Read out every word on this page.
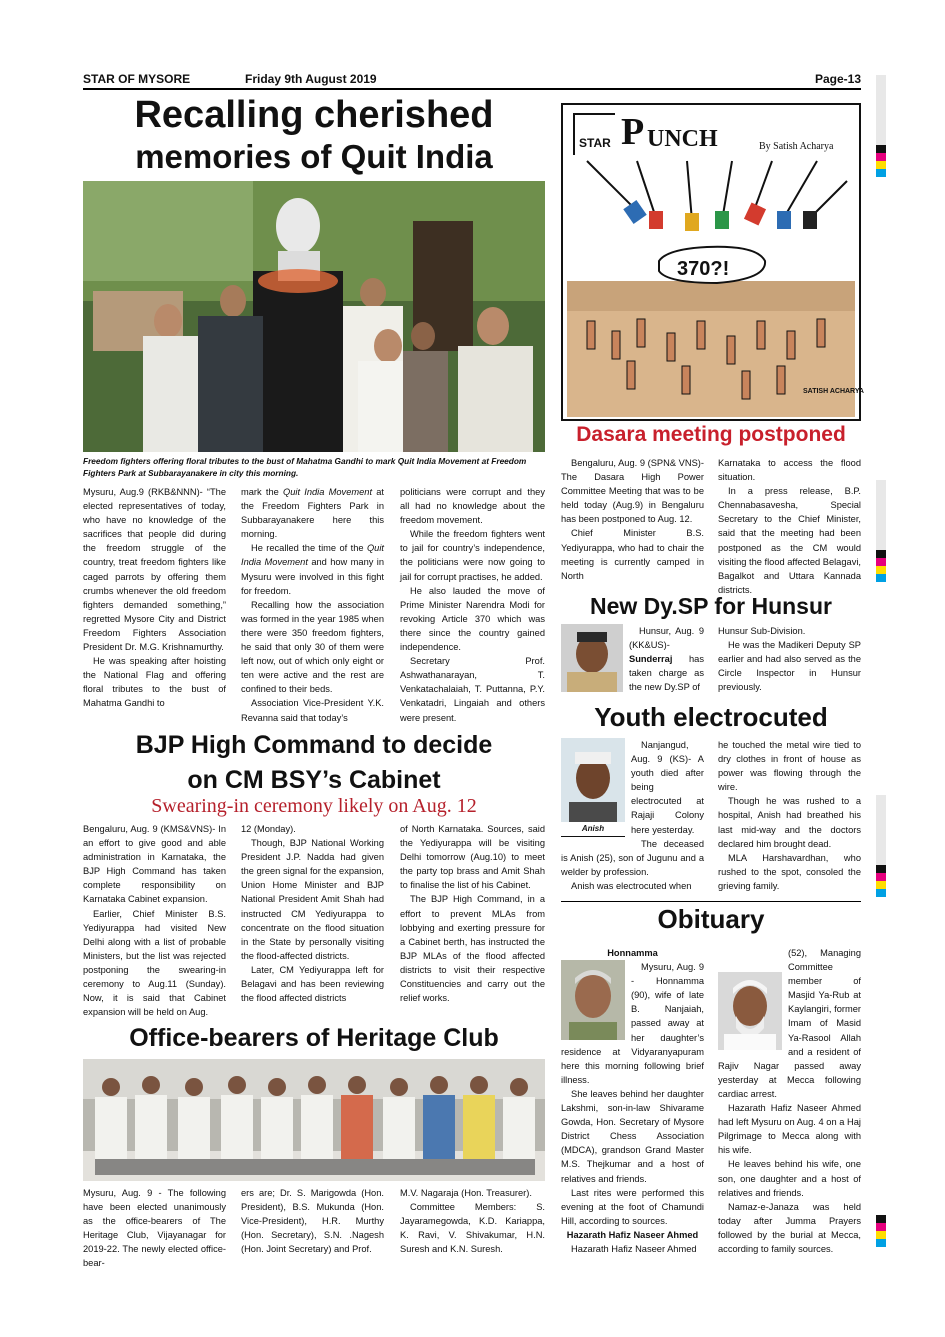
STAR OF MYSORE	Friday 9th August 2019	Page-13
Recalling cherished
memories of Quit India
Freedom fighters offering floral tributes to the bust of Mahatma Gandhi to mark Quit India Movement at Freedom Fighters Park at Subbarayanakere in city this morning.

Mysuru, Aug.9 (RKB&NNN)- “The elected representatives of today, who have no knowledge of the sacrifices that people did during the freedom struggle of the country, treat freedom fighters like caged parrots by offering them crumbs whenever the old freedom fighters demanded something,” regretted Mysore City and District Freedom Fighters Association President Dr. M.G. Krishnamurthy.

He was speaking after hoisting the National Flag and offering floral tributes to the bust of Mahatma Gandhi to

mark the Quit India Movement at the Freedom Fighters Park in Subbarayanakere here this morning.

He recalled the time of the Quit India Movement and how many in Mysuru were involved in this fight for freedom.

Recalling how the association was formed in the year 1985 when there were 350 freedom fighters, he said that only 30 of them were left now, out of which only eight or ten were active and the rest are confined to their beds.

Association Vice-President Y.K. Revanna said that today’s

politicians were corrupt and they all had no knowledge about the freedom movement.

While the freedom fighters went to jail for country’s independence, the politicians were now going to jail for corrupt practises, he added.

He also lauded the move of Prime Minister Narendra Modi for revoking Article 370 which was there since the country gained independence.

Secretary Prof. Ashwathanarayan, T. Venkatachalaiah, T. Puttanna, P.Y. Venkatadri, Lingaiah and others were present.

BJP High Command to decide
on CM BSY’s Cabinet
Swearing-in ceremony likely on Aug. 12

Bengaluru, Aug. 9 (KMS&VNS)- In an effort to give good and able administration in Karnataka, the BJP High Command has taken complete responsibility on Karnataka Cabinet expansion.

Earlier, Chief Minister B.S. Yediyurappa had visited New Delhi along with a list of probable Ministers, but the list was rejected postponing the swearing-in ceremony to Aug.11 (Sunday). Now, it is said that Cabinet expansion will be held on Aug.

12 (Monday).

Though, BJP National Working President J.P. Nadda had given the green signal for the expansion, Union Home Minister and BJP National President Amit Shah had instructed CM Yediyurappa to concentrate on the flood situation in the State by personally visiting the flood-affected districts.

Later, CM Yediyurappa left for Belagavi and has been reviewing the flood affected districts

of North Karnataka. Sources, said the Yediyurappa will be visiting Delhi tomorrow (Aug.10) to meet the party top brass and Amit Shah to finalise the list of his Cabinet.

The BJP High Command, in a effort to prevent MLAs from lobbying and exerting pressure for a Cabinet berth, has instructed the BJP MLAs of the flood affected districts to visit their respective Constituencies and carry out the relief works.

Office-bearers of Heritage Club

Mysuru, Aug. 9 - The following have been elected unanimously as the office-bearers of The Heritage Club, Vijayanagar for 2019-22. The newly elected office-bear-

ers are; Dr. S. Marigowda (Hon. President), B.S. Mukunda (Hon. Vice-President), H.R. Murthy (Hon. Secretary), S.N. .Nagesh (Hon. Joint Secretary) and Prof.

M.V. Nagaraja (Hon. Treasurer).

Committee Members: S. Jayaramegowda, K.D. Kariappa, K. Ravi, V. Shivakumar, H.N. Suresh and K.N. Suresh.

STAR P UNCH	By Satish Acharya
370?!
SATISH ACHARYA
Dasara meeting postponed

Bengaluru, Aug. 9 (SPN& VNS)- The Dasara High Power Committee Meeting that was to be held today (Aug.9) in Bengaluru has been postponed to Aug. 12.

Chief Minister B.S. Yediyurappa, who had to chair the meeting is currently camped in North

Karnataka to access the flood situation.

In a press release, B.P. Chennabasavesha, Special Secretary to the Chief Minister, said that the meeting had been postponed as the CM would visiting the flood affected Belagavi, Bagalkot and Uttara Kannada districts.

New Dy.SP for Hunsur

Hunsur, Aug. 9 (KK&US)- Sunderraj has taken charge as the new Dy.SP of

Hunsur Sub-Division.

He was the Madikeri Deputy SP earlier and had also served as the Circle Inspector in Hunsur previously.

Youth electrocuted
Anish

Nanjangud, Aug. 9 (KS)- A youth died after being electrocuted at Rajaji Colony here yesterday.

The deceased is Anish (25), son of Jugunu and a welder by profession.

Anish was electrocuted when

he touched the metal wire tied to dry clothes in front of house as power was flowing through the wire.

Though he was rushed to a hospital, Anish had breathed his last mid-way and the doctors declared him brought dead.

MLA Harshavardhan, who rushed to the spot, consoled the grieving family.

Obituary
Honnamma

Mysuru, Aug. 9 - Honnamma (90), wife of late B. Nanjaiah, passed away at her daughter’s residence at Vidyaranyapuram here this morning following brief illness.

She leaves behind her daughter Lakshmi, son-in-law Shivarame Gowda, Hon. Secretary of Mysore District Chess Association (MDCA), grandson Grand Master M.S. Thejkumar and a host of relatives and friends.

Last rites were performed this evening at the foot of Chamundi Hill, according to sources.

Hazarath Hafiz Naseer Ahmed

Hazarath Hafiz Naseer Ahmed

(52), Managing Committee member of Masjid Ya-Rub at Kaylangiri, former Imam of Masid Ya-Rasool Allah and a resident of Rajiv Nagar passed away yesterday at Mecca following cardiac arrest.

Hazarath Hafiz Naseer Ahmed had left Mysuru on Aug. 4 on a Haj Pilgrimage to Mecca along with his wife.

He leaves behind his wife, one son, one daughter and a host of relatives and friends.

Namaz-e-Janaza was held today after Jumma Prayers followed by the burial at Mecca, according to family sources.
